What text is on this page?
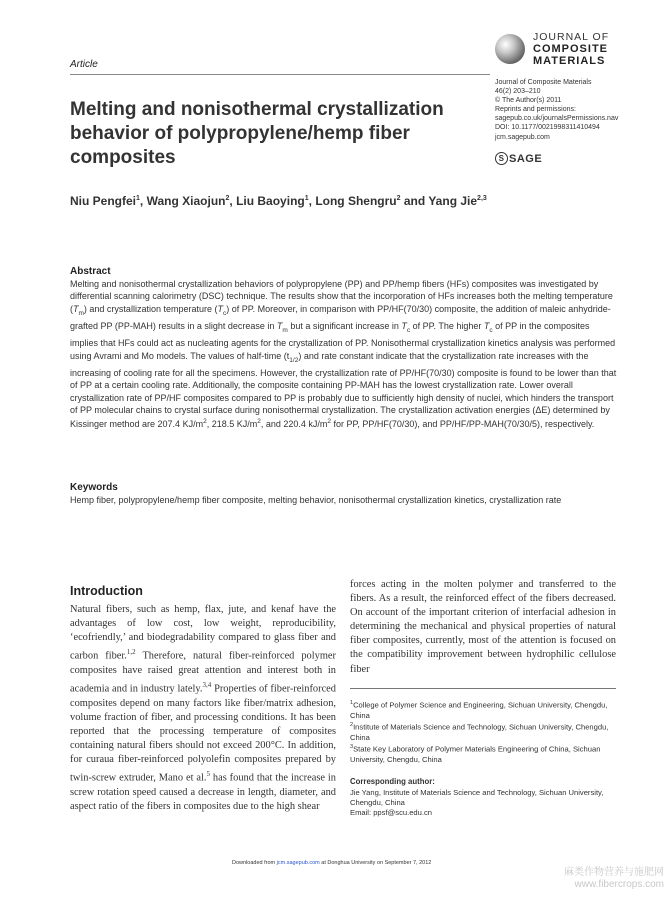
Article
JOURNAL OF
COMPOSITE
MATERIALS
Journal of Composite Materials
46(2) 203–210
© The Author(s) 2011
Reprints and permissions:
sagepub.co.uk/journalsPermissions.nav
DOI: 10.1177/0021998311410494
jcm.sagepub.com
S SAGE
Melting and nonisothermal crystallization behavior of polypropylene/hemp fiber composites
Niu Pengfei$^1$, Wang Xiaojun$^2$, Liu Baoying$^1$, Long Shengru$^2$ and Yang Jie$^{2,3}$
Abstract
Melting and nonisothermal crystallization behaviors of polypropylene (PP) and PP/hemp fibers (HFs) composites was investigated by differential scanning calorimetry (DSC) technique. The results show that the incorporation of HFs increases both the melting temperature $(T_m)$ and crystallization temperature $(T_c)$ of PP. Moreover, in comparison with PP/HF(70/30) composite, the addition of maleic anhydride-grafted PP (PP-MAH) results in a slight decrease in $T_m$ but a significant increase in $T_c$ of PP. The higher $T_c$ of PP in the composites implies that HFs could act as nucleating agents for the crystallization of PP. Nonisothermal crystallization kinetics analysis was performed using Avrami and Mo models. The values of half-time $(t_{1/2})$ and rate constant indicate that the crystallization rate increases with the increasing of cooling rate for all the specimens. However, the crystallization rate of PP/HF(70/30) composite is found to be lower than that of PP at a certain cooling rate. Additionally, the composite containing PP-MAH has the lowest crystallization rate. Lower overall crystallization rate of PP/HF composites compared to PP is probably due to sufficiently high density of nuclei, which hinders the transport of PP molecular chains to crystal surface during nonisothermal crystallization. The crystallization activation energies (ΔE) determined by Kissinger method are 207.4 $KJ/m^2$, 218.5 $KJ/m^2$, and 220.4 $kJ/m^2$ for PP, PP/HF(70/30), and PP/HF/PP-MAH(70/30/5), respectively.
Keywords
Hemp fiber, polypropylene/hemp fiber composite, melting behavior, nonisothermal crystallization kinetics, crystallization rate
Introduction
Natural fibers, such as hemp, flax, jute, and kenaf have the advantages of low cost, low weight, reproducibility, ‘ecofriendly,’ and biodegradability compared to glass fiber and carbon fiber.$^{1,2}$ Therefore, natural fiber-reinforced polymer composites have raised great attention and interest both in academia and in industry lately.$^{3,4}$ Properties of fiber-reinforced composites depend on many factors like fiber/matrix adhesion, volume fraction of fiber, and processing conditions. It has been reported that the processing temperature of composites containing natural fibers should not exceed 200°C. In addition, for curaua fiber-reinforced polyolefin composites prepared by twin-screw extruder, Mano et al.$^5$ has found that the increase in screw rotation speed caused a decrease in length, diameter, and aspect ratio of the fibers in composites due to the high shear
forces acting in the molten polymer and transferred to the fibers. As a result, the reinforced effect of the fibers decreased. On account of the important criterion of interfacial adhesion in determining the mechanical and physical properties of natural fiber composites, currently, most of the attention is focused on the compatibility improvement between hydrophilic cellulose fiber
$^1$College of Polymer Science and Engineering, Sichuan University, Chengdu, China
$^2$Institute of Materials Science and Technology, Sichuan University, Chengdu, China
$^3$State Key Laboratory of Polymer Materials Engineering of China, Sichuan University, Chengdu, China
Corresponding author:
Jie Yang, Institute of Materials Science and Technology, Sichuan University, Chengdu, China
Email: ppsf@scu.edu.cn
Downloaded from jcm.sagepub.com at Donghua University on September 7, 2012
麻类作物营养与施肥网
www.fibercrops.com
